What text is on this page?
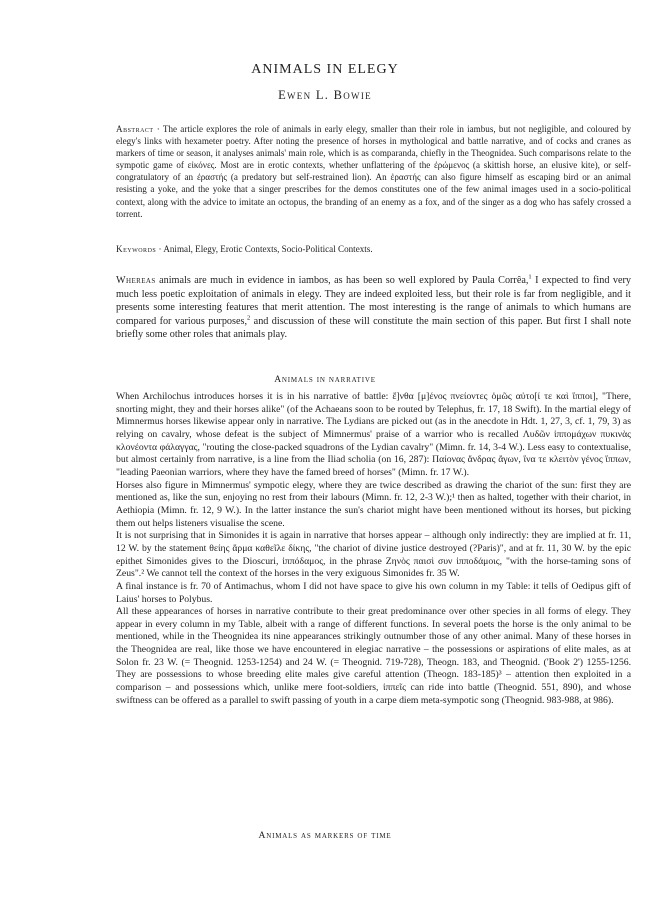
ANIMALS IN ELEGY
Ewen L. Bowie
Abstract · The article explores the role of animals in early elegy, smaller than their role in iambus, but not negligible, and coloured by elegy's links with hexameter poetry. After noting the presence of horses in mythological and battle narrative, and of cocks and cranes as markers of time or season, it analyses animals' main role, which is as comparanda, chiefly in the Theognidea. Such comparisons relate to the sympotic game of εἰκόνες. Most are in erotic contexts, whether unflattering of the ἐρώμενος (a skittish horse, an elusive kite), or self-congratulatory of an ἐραστής (a predatory but self-restrained lion). An ἐραστής can also figure himself as escaping bird or an animal resisting a yoke, and the yoke that a singer prescribes for the demos constitutes one of the few animal images used in a socio-political context, along with the advice to imitate an octopus, the branding of an enemy as a fox, and of the singer as a dog who has safely crossed a torrent.
Keywords · Animal, Elegy, Erotic Contexts, Socio-Political Contexts.
Whereas animals are much in evidence in iambos, as has been so well explored by Paula Corrêa,$^1$ I expected to find very much less poetic exploitation of animals in elegy. They are indeed exploited less, but their role is far from negligible, and it presents some interesting features that merit attention. The most interesting is the range of animals to which humans are compared for various purposes,$^2$ and discussion of these will constitute the main section of this paper. But first I shall note briefly some other roles that animals play.
Animals in narrative

When Archilochus introduces horses it is in his narrative of battle: ἔ]νθα [μ]ένος πνείοντες ὁμῶς αὐτο[ί τε καὶ ἵπποι], "There, snorting might, they and their horses alike" (of the Achaeans soon to be routed by Telephus, fr. 17, 18 Swift). In the martial elegy of Mimnermus horses likewise appear only in narrative. The Lydians are picked out (as in the anecdote in Hdt. 1, 27, 3, cf. 1, 79, 3) as relying on cavalry, whose defeat is the subject of Mimnermus' praise of a warrior who is recalled Λυδῶν ἱππομάχων πυκινὰς κλονέοντα φάλαγγας, "routing the close-packed squadrons of the Lydian cavalry" (Mimn. fr. 14, 3-4 W.). Less easy to contextualise, but almost certainly from narrative, is a line from the Iliad scholia (on 16, 287): Παίονας ἄνδρας ἄγων, ἵνα τε κλειτὸν γένος ἵππων, "leading Paeonian warriors, where they have the famed breed of horses" (Mimn. fr. 17 W.).

Horses also figure in Mimnermus' sympotic elegy, where they are twice described as drawing the chariot of the sun: first they are mentioned as, like the sun, enjoying no rest from their labours (Mimn. fr. 12, 2-3 W.);¹ then as halted, together with their chariot, in Aethiopia (Mimn. fr. 12, 9 W.). In the latter instance the sun's chariot might have been mentioned without its horses, but picking them out helps listeners visualise the scene.

It is not surprising that in Simonides it is again in narrative that horses appear – although only indirectly: they are implied at fr. 11, 12 W. by the statement θείης ἅρμα καθεῖλε δίκης, "the chariot of divine justice destroyed (?Paris)", and at fr. 11, 30 W. by the epic epithet Simonides gives to the Dioscuri, ἱππόδαμος, in the phrase Ζηνὸς παισὶ συν ἱπποδάμοις, "with the horse-taming sons of Zeus".² We cannot tell the context of the horses in the very exiguous Simonides fr. 35 W.

A final instance is fr. 70 of Antimachus, whom I did not have space to give his own column in my Table: it tells of Oedipus gift of Laius' horses to Polybus.

All these appearances of horses in narrative contribute to their great predominance over other species in all forms of elegy. They appear in every column in my Table, albeit with a range of different functions. In several poets the horse is the only animal to be mentioned, while in the Theognidea its nine appearances strikingly outnumber those of any other animal. Many of these horses in the Theognidea are real, like those we have encountered in elegiac narrative – the possessions or aspirations of elite males, as at Solon fr. 23 W. (= Theognid. 1253-1254) and 24 W. (= Theognid. 719-728), Theogn. 183, and Theognid. ('Book 2') 1255-1256. They are possessions to whose breeding elite males give careful attention (Theogn. 183-185)³ – attention then exploited in a comparison – and possessions which, unlike mere foot-soldiers, ἱππεῖς can ride into battle (Theognid. 551, 890), and whose swiftness can be offered as a parallel to swift passing of youth in a carpe diem meta-sympotic song (Theognid. 983-988, at 986).

Animals as markers of time
